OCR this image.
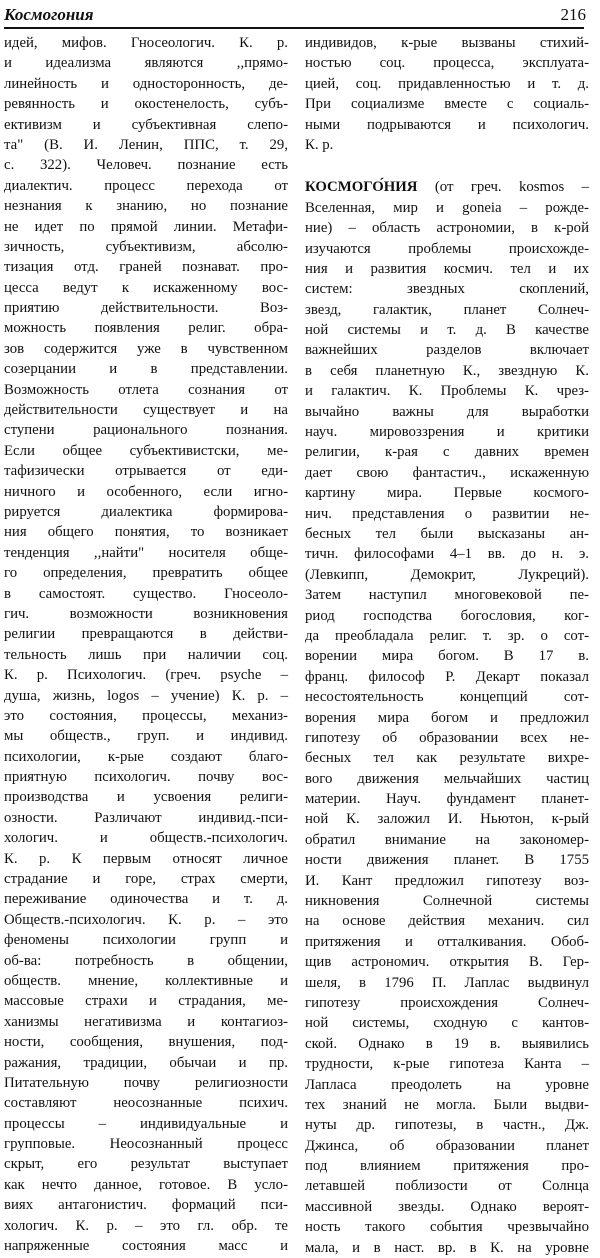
Космогония	216
идей, мифов. Гносеологич. К. р.
и идеализма являются ,,прямо-
линейность и односторонность, де-
ревянность и окостенелость, субъ-
ективизм и субъективная слепо-
та" (В. И. Ленин, ППС, т. 29,
с. 322). Человеч. познание есть
диалектич. процесс перехода от
незнания к знанию, но познание
не идет по прямой линии. Метафи-
зичность, субъективизм, абсолю-
тизация отд. граней познават. про-
цесса ведут к искаженному вос-
приятию действительности. Воз-
можность появления религ. обра-
зов содержится уже в чувственном
созерцании и в представлении.
Возможность отлета сознания от
действительности существует и на
ступени рационального познания.
Если общее субъективистски, ме-
тафизически отрывается от еди-
ничного и особенного, если игно-
рируется диалектика формирова-
ния общего понятия, то возникает
тенденция ,,найти" носителя обще-
го определения, превратить общее
в самостоят. существо. Гносеоло-
гич. возможности возникновения
религии превращаются в действи-
тельность лишь при наличии соц.
К. р. Психологич. (греч. psyche –
душа, жизнь, logos – учение) К. р. –
это состояния, процессы, механиз-
мы обществ., груп. и индивид.
психологии, к-рые создают благо-
приятную психологич. почву вос-
производства и усвоения религи-
озности. Различают индивид.-пси-
хологич. и обществ.-психологич.
К. р. К первым относят личное
страдание и горе, страх смерти,
переживание одиночества и т. д.
Обществ.-психологич. К. р. – это
феномены психологии групп и
об-ва: потребность в общении,
обществ. мнение, коллективные и
массовые страхи и страдания, ме-
ханизмы негативизма и контагиоз-
ности, сообщения, внушения, под-
ражания, традиции, обычаи и пр.
Питательную почву религиозности
составляют неосознанные психич.
процессы – индивидуальные и
групповые. Неосознанный процесс
скрыт, его результат выступает
как нечто данное, готовое. В усло-
виях антагонистич. формаций пси-
хологич. К. р. – это гл. обр. те
напряженные состояния масс и
индивидов, к-рые вызваны стихий-
ностью соц. процесса, эксплуата-
цией, соц. придавленностью и т. д.
При социализме вместе с социаль-
ными подрываются и психологич.
К. р.
КОСМОГО́НИЯ (от греч. kosmos –
Вселенная, мир и goneia – рожде-
ние) – область астрономии, в к-рой
изучаются проблемы происхожде-
ния и развития космич. тел и их
систем: звездных скоплений,
звезд, галактик, планет Солнеч-
ной системы и т. д. В качестве
важнейших разделов включает
в себя планетную К., звездную К.
и галактич. К. Проблемы К. чрез-
вычайно важны для выработки
науч. мировоззрения и критики
религии, к-рая с давних времен
дает свою фантастич., искаженную
картину мира. Первые космого-
нич. представления о развитии не-
бесных тел были высказаны ан-
тичн. философами 4–1 вв. до н. э.
(Левкипп, Демокрит, Лукреций).
Затем наступил многовековой пе-
риод господства богословия, ког-
да преобладала религ. т. зр. о сот-
ворении мира богом. В 17 в.
франц. философ Р. Декарт показал
несостоятельность концепций сот-
ворения мира богом и предложил
гипотезу об образовании всех не-
бесных тел как результате вихре-
вого движения мельчайших частиц
материи. Науч. фундамент планет-
ной К. заложил И. Ньютон, к-рый
обратил внимание на закономер-
ности движения планет. В 1755
И. Кант предложил гипотезу воз-
никновения Солнечной системы
на основе действия механич. сил
притяжения и отталкивания. Обоб-
щив астрономич. открытия В. Гер-
шеля, в 1796 П. Лаплас выдвинул
гипотезу происхождения Солнеч-
ной системы, сходную с кантов-
ской. Однако в 19 в. выявились
трудности, к-рые гипотеза Канта –
Лапласа преодолеть на уровне
тех знаний не могла. Были выдви-
нуты др. гипотезы, в частн., Дж.
Джинса, об образовании планет
под влиянием притяжения про-
летавшей поблизости от Солнца
массивной звезды. Однако вероят-
ность такого события чрезвычайно
мала, и в наст. вр. в К. на уровне
